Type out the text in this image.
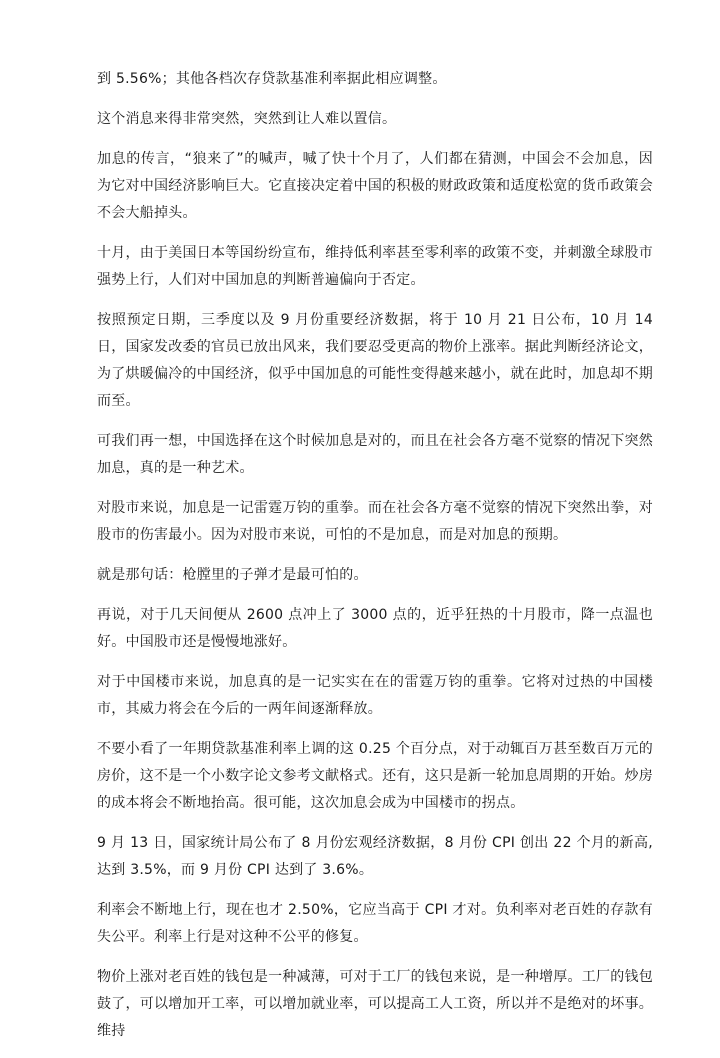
到 5.56%；其他各档次存贷款基准利率据此相应调整。

这个消息来得非常突然，突然到让人难以置信。

加息的传言，“狼来了”的喊声，喊了快十个月了，人们都在猜测，中国会不会加息，因为它对中国经济影响巨大。它直接决定着中国的积极的财政政策和适度松宽的货币政策会不会大船掉头。

十月，由于美国日本等国纷纷宣布，维持低利率甚至零利率的政策不变，并刺激全球股市强势上行，人们对中国加息的判断普遍偏向于否定。

按照预定日期，三季度以及 9 月份重要经济数据，将于 10 月 21 日公布，10 月 14 日，国家发改委的官员已放出风来，我们要忍受更高的物价上涨率。据此判断经济论文，为了烘暖偏冷的中国经济，似乎中国加息的可能性变得越来越小，就在此时，加息却不期而至。

可我们再一想，中国选择在这个时候加息是对的，而且在社会各方毫不觉察的情况下突然加息，真的是一种艺术。

对股市来说，加息是一记雷霆万钧的重拳。而在社会各方毫不觉察的情况下突然出拳，对股市的伤害最小。因为对股市来说，可怕的不是加息，而是对加息的预期。

就是那句话：枪膛里的子弹才是最可怕的。

再说，对于几天间便从 2600 点冲上了 3000 点的，近乎狂热的十月股市，降一点温也好。中国股市还是慢慢地涨好。

对于中国楼市来说，加息真的是一记实实在在的雷霆万钧的重拳。它将对过热的中国楼市，其威力将会在今后的一两年间逐渐释放。

不要小看了一年期贷款基准利率上调的这 0.25 个百分点，对于动辄百万甚至数百万元的房价，这不是一个小数字论文参考文献格式。还有，这只是新一轮加息周期的开始。炒房的成本将会不断地抬高。很可能，这次加息会成为中国楼市的拐点。

9 月 13 日，国家统计局公布了 8 月份宏观经济数据，8 月份 CPI 创出 22 个月的新高,达到 3.5%，而 9 月份 CPI 达到了 3.6%。

利率会不断地上行，现在也才 2.50%，它应当高于 CPI 才对。负利率对老百姓的存款有失公平。利率上行是对这种不公平的修复。

物价上涨对老百姓的钱包是一种减薄，可对于工厂的钱包来说，是一种增厚。工厂的钱包鼓了，可以增加开工率，可以增加就业率，可以提高工人工资，所以并不是绝对的坏事。维持
